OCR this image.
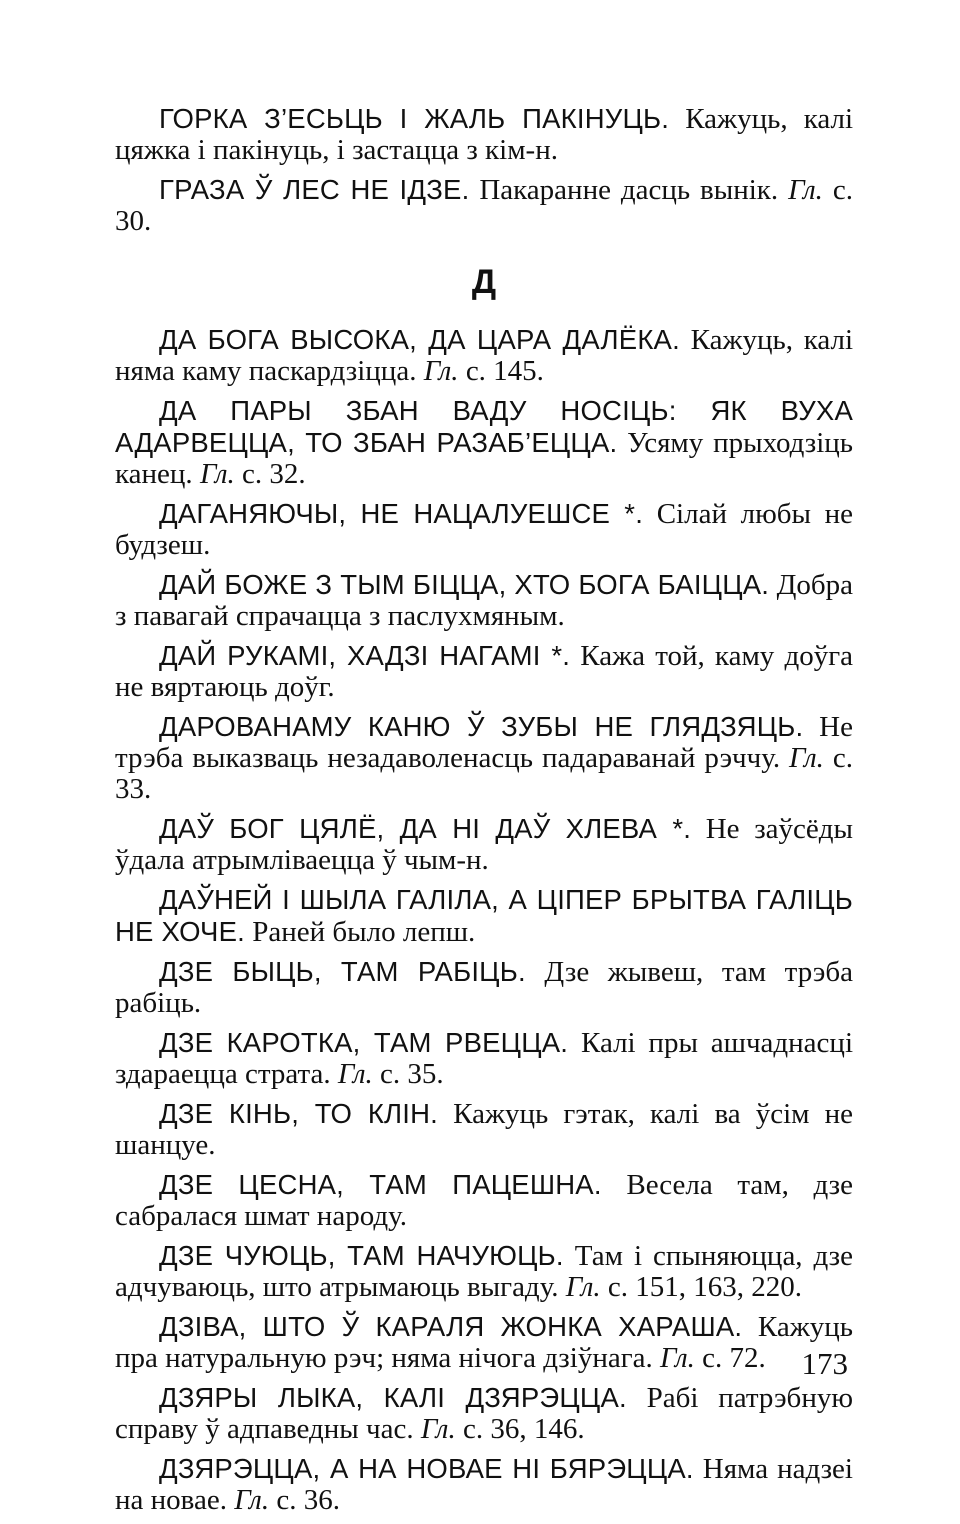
ГОРКА З’ЕСЬЦЬ І ЖАЛЬ ПАКІНУЦЬ. Кажуць, калі цяжка і пакінуць, і застацца з кім-н.

ГРАЗА Ў ЛЕС НЕ ІДЗЕ. Пакаранне дасць вынік. Гл. с. 30.

Д

ДА БОГА ВЫСОКА, ДА ЦАРА ДАЛЁКА. Кажуць, калі няма каму паскардзіцца. Гл. с. 145.

ДА ПАРЫ ЗБАН ВАДУ НОСІЦЬ: ЯК ВУХА АДАРВЕЦЦА, ТО ЗБАН РАЗАБ’ЕЦЦА. Усяму прыходзіць канец. Гл. с. 32.

ДАГАНЯЮЧЫ, НЕ НАЦАЛУЕШСЕ *. Сілай любы не будзеш.

ДАЙ БОЖЕ З ТЫМ БІЦЦА, ХТО БОГА БАІЦЦА. Добра з павагай спрачацца з паслухмяным.

ДАЙ РУКАМІ, ХАДЗІ НАГАМІ *. Кажа той, каму доўга не вяртаюць доўг.

ДАРОВАНАМУ КАНЮ Ў ЗУБЫ НЕ ГЛЯДЗЯЦЬ. Не трэба выказваць незадаволенасць падараванай рэччу. Гл. с. 33.

ДАЎ БОГ ЦЯЛЁ, ДА НІ ДАЎ ХЛЕВА *. Не заўсёды ўдала атрымліваецца ў чым-н.

ДАЎНЕЙ І ШЫЛА ГАЛІЛА, А ЦІПЕР БРЫТВА ГАЛІЦЬ НЕ ХОЧЕ. Раней было лепш.

ДЗЕ БЫЦЬ, ТАМ РАБІЦЬ. Дзе жывеш, там трэба рабіць.

ДЗЕ КАРОТКА, ТАМ РВЕЦЦА. Калі пры ашчаднасці здараецца страта. Гл. с. 35.

ДЗЕ КІНЬ, ТО КЛІН. Кажуць гэтак, калі ва ўсім не шанцуе.

ДЗЕ ЦЕСНА, ТАМ ПАЦЕШНА. Весела там, дзе сабралася шмат народу.

ДЗЕ ЧУЮЦЬ, ТАМ НАЧУЮЦЬ. Там і спыняюцца, дзе адчуваюць, што атрымаюць выгаду. Гл. с. 151, 163, 220.

ДЗІВА, ШТО Ў КАРАЛЯ ЖОНКА ХАРАША. Кажуць пра натуральную рэч; няма нічога дзіўнага. Гл. с. 72.

ДЗЯРЫ ЛЫКА, КАЛІ ДЗЯРЭЦЦА. Рабі патрэбную справу ў адпаведны час. Гл. с. 36, 146.

ДЗЯРЭЦЦА, А НА НОВАЕ НІ БЯРЭЦЦА. Няма надзеі на новае. Гл. с. 36.

173
